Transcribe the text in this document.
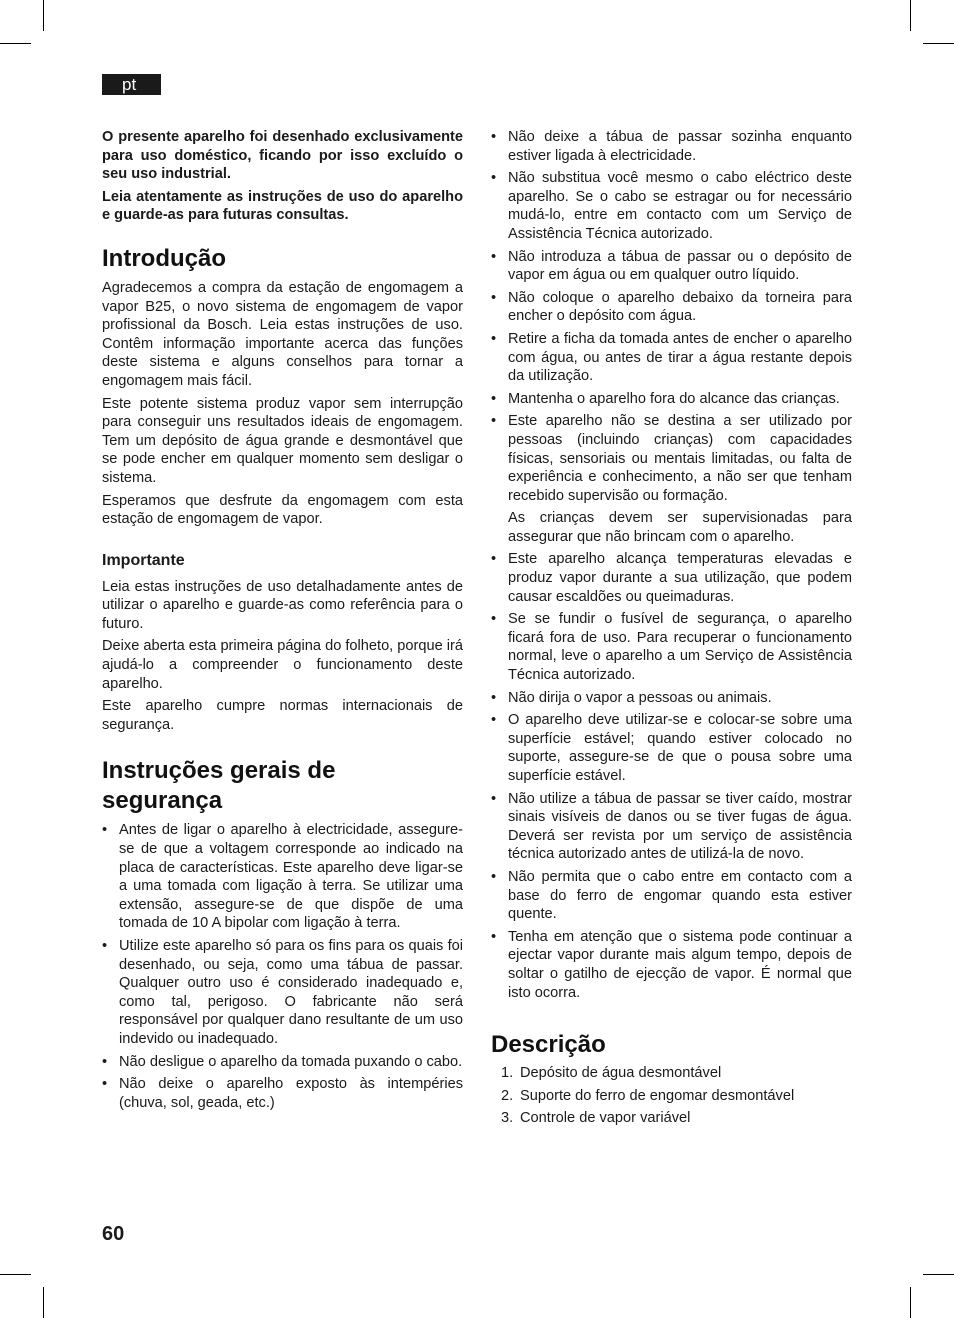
pt

O presente aparelho foi desenhado exclusivamente para uso doméstico, ficando por isso excluído o seu uso industrial.

Leia atentamente as instruções de uso do aparelho e guarde-as para futuras consultas.

Introdução

Agradecemos a compra da estação de engomagem a vapor B25, o novo sistema de engomagem de vapor profissional da Bosch. Leia estas instruções de uso. Contêm informação importante acerca das funções deste sistema e alguns conselhos para tornar a engomagem mais fácil.

Este potente sistema produz vapor sem interrupção para conseguir uns resultados ideais de engomagem. Tem um depósito de água grande e desmontável que se pode encher em qualquer momento sem desligar o sistema.

Esperamos que desfrute da engomagem com esta estação de engomagem de vapor.

Importante

Leia estas instruções de uso detalhadamente antes de utilizar o aparelho e guarde-as como referência para o futuro.

Deixe aberta esta primeira página do folheto, porque irá ajudá-lo a compreender o funcionamento deste aparelho.

Este aparelho cumpre normas internacionais de segurança.

Instruções gerais de
segurança
• Antes de ligar o aparelho à electricidade, assegure-se de que a voltagem corresponde ao indicado na placa de características. Este aparelho deve ligar-se a uma tomada com ligação à terra. Se utilizar uma extensão, assegure-se de que dispõe de uma tomada de 10 A bipolar com ligação à terra.
• Utilize este aparelho só para os fins para os quais foi desenhado, ou seja, como uma tábua de passar. Qualquer outro uso é considerado inadequado e, como tal, perigoso. O fabricante não será responsável por qualquer dano resultante de um uso indevido ou inadequado.
• Não desligue o aparelho da tomada puxando o cabo.
• Não deixe o aparelho exposto às intempéries (chuva, sol, geada, etc.)
• Não deixe a tábua de passar sozinha enquanto estiver ligada à electricidade.
• Não substitua você mesmo o cabo eléctrico deste aparelho. Se o cabo se estragar ou for necessário mudá-lo, entre em contacto com um Serviço de Assistência Técnica autorizado.
• Não introduza a tábua de passar ou o depósito de vapor em água ou em qualquer outro líquido.
• Não coloque o aparelho debaixo da torneira para encher o depósito com água.
• Retire a ficha da tomada antes de encher o aparelho com água, ou antes de tirar a água restante depois da utilização.
• Mantenha o aparelho fora do alcance das crianças.
• Este aparelho não se destina a ser utilizado por pessoas (incluindo crianças) com capacidades físicas, sensoriais ou mentais limitadas, ou falta de experiência e conhecimento, a não ser que tenham recebido supervisão ou formação.
As crianças devem ser supervisionadas para assegurar que não brincam com o aparelho.
• Este aparelho alcança temperaturas elevadas e produz vapor durante a sua utilização, que podem causar escaldões ou queimaduras.
• Se se fundir o fusível de segurança, o aparelho ficará fora de uso. Para recuperar o funcionamento normal, leve o aparelho a um Serviço de Assistência Técnica autorizado.
• Não dirija o vapor a pessoas ou animais.
• O aparelho deve utilizar-se e colocar-se sobre uma superfície estável; quando estiver colocado no suporte, assegure-se de que o pousa sobre uma superfície estável.
• Não utilize a tábua de passar se tiver caído, mostrar sinais visíveis de danos ou se tiver fugas de água. Deverá ser revista por um serviço de assistência técnica autorizado antes de utilizá-la de novo.
• Não permita que o cabo entre em contacto com a base do ferro de engomar quando esta estiver quente.
• Tenha em atenção que o sistema pode continuar a ejectar vapor durante mais algum tempo, depois de soltar o gatilho de ejecção de vapor. É normal que isto ocorra.
Descrição
1. Depósito de água desmontável
2. Suporte do ferro de engomar desmontável
3. Controle de vapor variável
60
